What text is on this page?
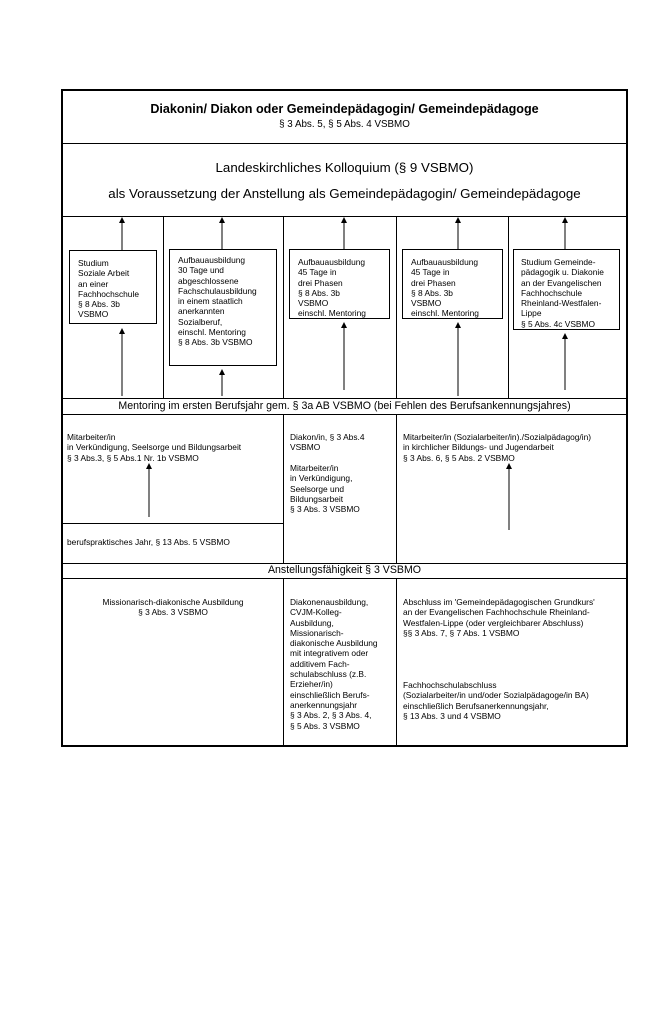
Diakonin/ Diakon oder Gemeindepädagogin/ Gemeindepädagoge
§ 3 Abs. 5, § 5 Abs. 4 VSBMO
Landeskirchliches Kolloquium (§ 9 VSBMO)
als Voraussetzung der Anstellung als Gemeindepädagogin/ Gemeindepädagoge
Studium
Soziale Arbeit
an einer
Fachhochschule
§ 8 Abs. 3b
VSBMO
Aufbauausbildung
30 Tage und
abgeschlossene
Fachschulausbildung
in einem staatlich
anerkannten
Sozialberuf,
einschl. Mentoring
§ 8 Abs. 3b VSBMO
Aufbauausbildung
45 Tage in
drei Phasen
§ 8 Abs. 3b
VSBMO
einschl. Mentoring
Aufbauausbildung
45 Tage in
drei Phasen
§ 8 Abs. 3b
VSBMO
einschl. Mentoring
Studium Gemeinde-
pädagogik u. Diakonie
an der Evangelischen
Fachhochschule
Rheinland-Westfalen-
Lippe
§ 5 Abs. 4c VSBMO
Mentoring im ersten Berufsjahr gem. § 3a AB VSBMO (bei Fehlen des Berufsankennungsjahres)
Mitarbeiter/in
in Verkündigung, Seelsorge und Bildungsarbeit
§ 3 Abs.3, § 5 Abs.1 Nr. 1b VSBMO
berufspraktisches Jahr, § 13 Abs. 5 VSBMO
Diakon/in, § 3 Abs.4
VSBMO
Mitarbeiter/in
in Verkündigung,
Seelsorge und
Bildungsarbeit
§ 3 Abs. 3 VSBMO
Mitarbeiter/in (Sozialarbeiter/in)./Sozialpädagog/in)
in kirchlicher Bildungs- und Jugendarbeit
§ 3 Abs. 6, § 5 Abs. 2 VSBMO
Anstellungsfähigkeit § 3 VSBMO
Missionarisch-diakonische Ausbildung
§ 3 Abs. 3 VSBMO
Diakonenausbildung,
CVJM-Kolleg-
Ausbildung,
Missionarisch-
diakonische Ausbildung
mit integrativem oder
additivem Fach-
schulabschluss (z.B.
Erzieher/in)
einschließlich Berufs-
anerkennungsjahr
§ 3 Abs. 2, § 3 Abs. 4,
§ 5 Abs. 3 VSBMO
Abschluss im 'Gemeindepädagogischen Grundkurs'
an der Evangelischen Fachhochschule Rheinland-
Westfalen-Lippe (oder vergleichbarer Abschluss)
§§ 3 Abs. 7, § 7 Abs. 1 VSBMO
Fachhochschulabschluss
(Sozialarbeiter/in und/oder Sozialpädagoge/in BA)
einschließlich Berufsanerkennungsjahr,
§ 13 Abs. 3 und 4 VSBMO
